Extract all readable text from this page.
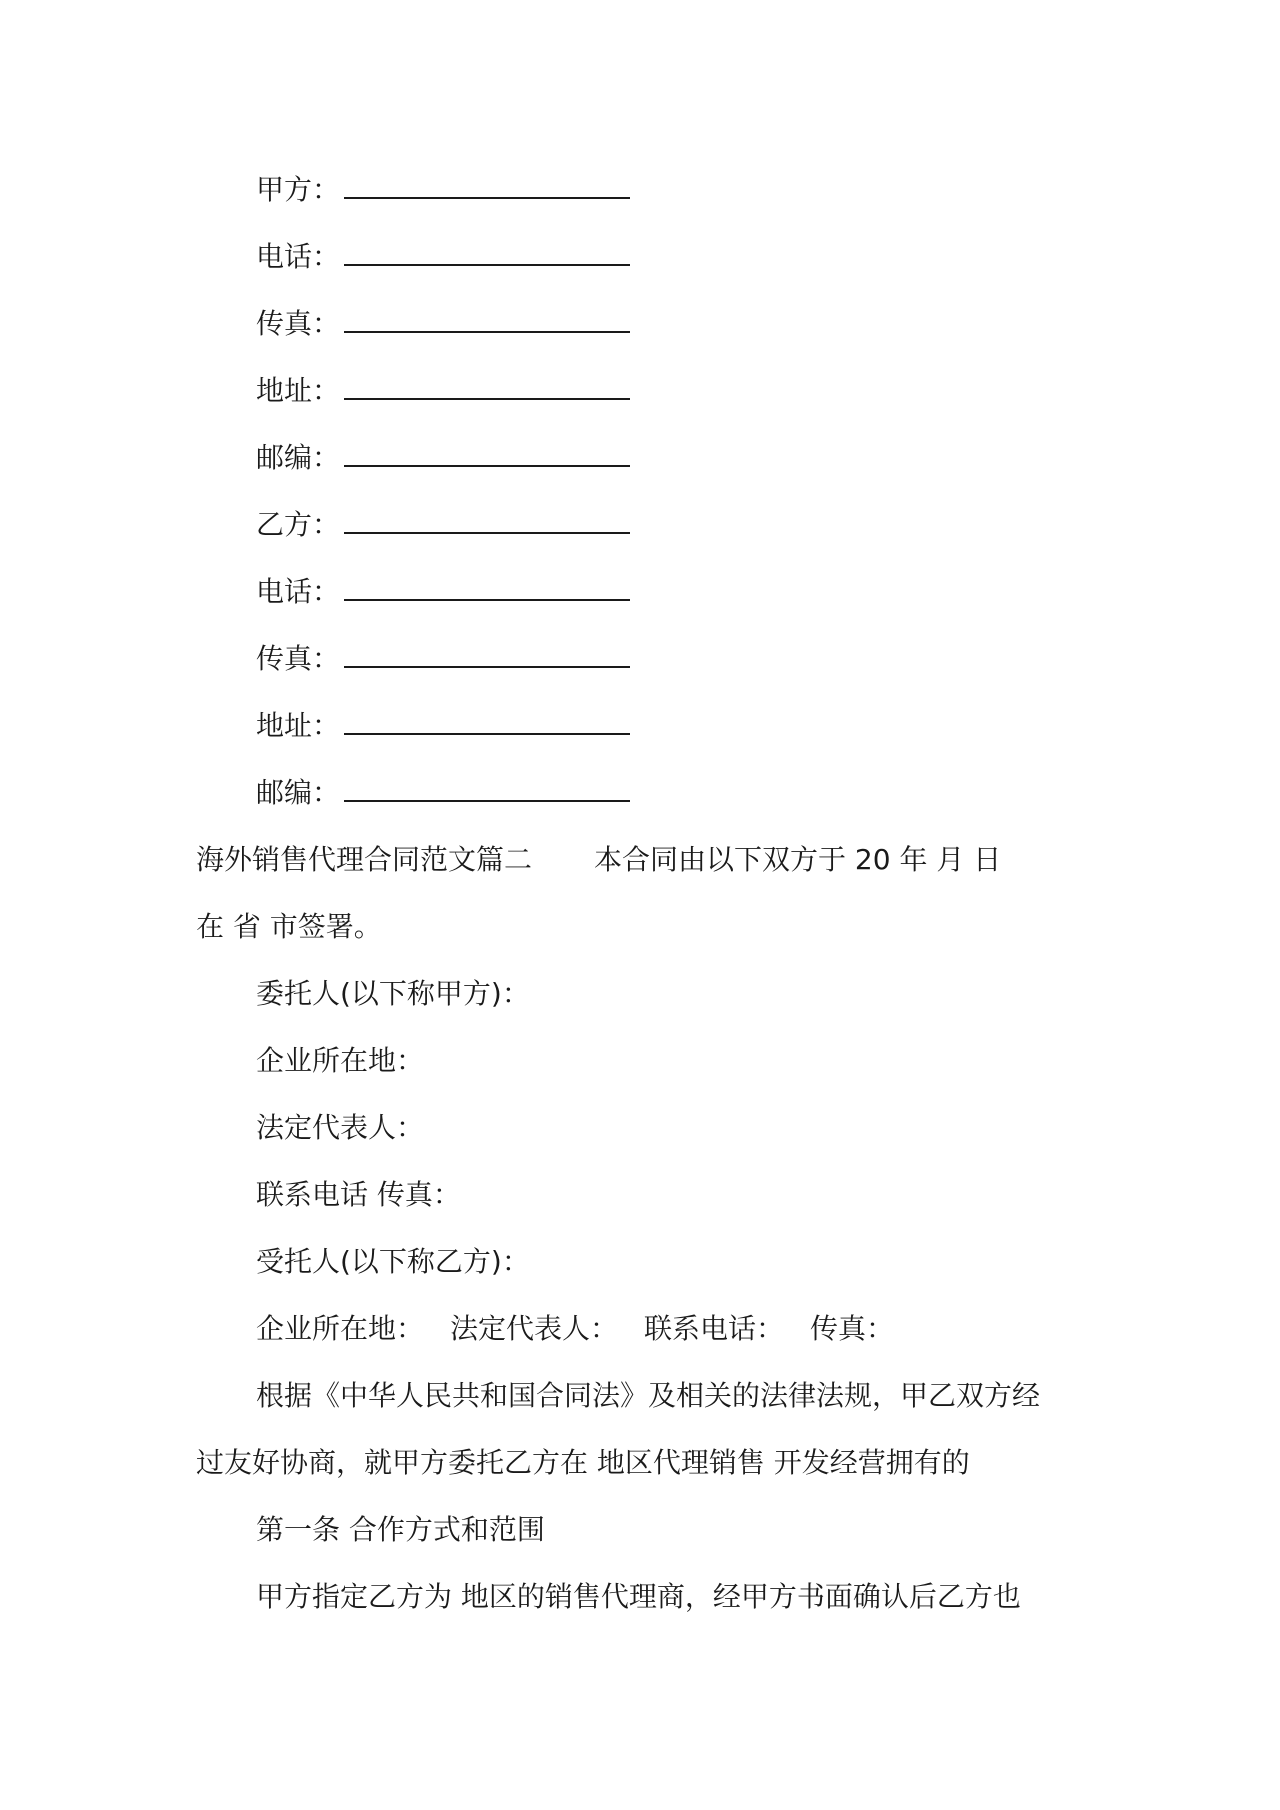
甲方：
电话：
传真：
地址：
邮编：
乙方：
电话：
传真：
地址：
邮编：
海外销售代理合同范文篇二 本合同由以下双方于 20 年 月 日
在 省 市签署。
委托人(以下称甲方)：
企业所在地：
法定代表人：
联系电话 传真：
受托人(以下称乙方)：
企业所在地： 法定代表人： 联系电话： 传真：
根据《中华人民共和国合同法》及相关的法律法规，甲乙双方经
过友好协商，就甲方委托乙方在 地区代理销售 开发经营拥有的
第一条 合作方式和范围
甲方指定乙方为 地区的销售代理商，经甲方书面确认后乙方也
